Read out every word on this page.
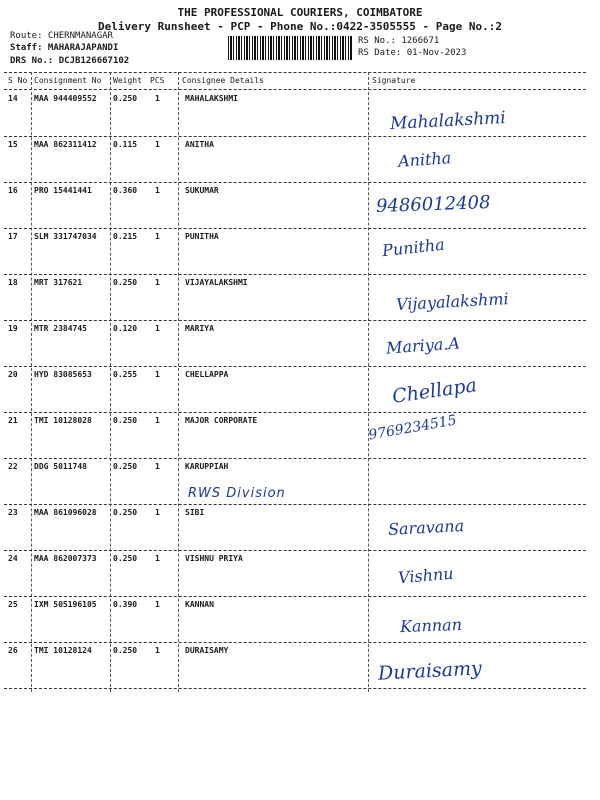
THE PROFESSIONAL COURIERS, COIMBATORE
Delivery Runsheet - PCP - Phone No.:0422-3505555 - Page No.:2
Route: CHERNMANAGAR
Staff: MAHARAJAPANDI
DRS No.: DCJB126667102
RS No.: 1266671
RS Date: 01-Nov-2023
S No Consignment No Weight PCS Consignee Details	Signature
14 MAA 944409552 0.250 1	MAHALAKSHMI
Mahalakshmi
15 MAA 862311412 0.115 1	ANITHA
Anitha
16 PRO 15441441	0.360 1	SUKUMAR
9486012408
17 SLM 331747034 0.215 1	PUNITHA	Punitha
18 MRT 317621	0.250 1	VIJAYALAKSHMI
Vijayalakshmi
19 MTR 2384745	0.120 1	MARIYA
Mariya.A
20 HYD 83085653	0.255 1	CHELLAPPA	Chellapa
21 TMI 10128028	0.250 1	MAJOR CORPORATE	9769234515
22 DDG 5011748	0.250 1	KARUPPIAH
RWS Division
23 MAA 861096028 0.250 1	SIBI
Saravana
24 MAA 862007373 0.250 1	VISHNU PRIYA
Vishnu
25 IXM 505196105 0.390 1	KANNAN
Kannan
26 TMI 10128124	0.250 1	DURAISAMY
Duraisamy
